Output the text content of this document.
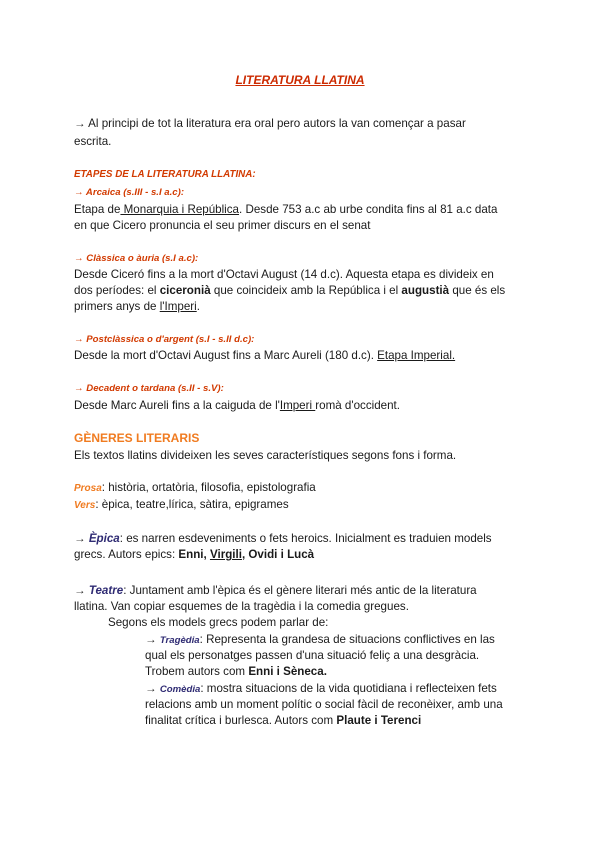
LITERATURA LLATINA
→ Al principi de tot la literatura era oral pero autors la van començar a pasar
escrita.
ETAPES DE LA LITERATURA LLATINA:
→ Arcaica (s.III - s.I a.c):
Etapa de Monarquia i República. Desde 753 a.c ab urbe condita fins al 81 a.c data
en que Cicero pronuncia el seu primer discurs en el senat
→ Clàssica o àuria (s.I a.c):
Desde Ciceró fins a la mort d'Octavi August (14 d.c). Aquesta etapa es divideix en
dos períodes: el ciceronià que coincideix amb la República i el augustià que és els
primers anys de l'Imperi.
→ Postclàssica o d'argent (s.I - s.II d.c):
Desde la mort d'Octavi August fins a Marc Aureli (180 d.c). Etapa Imperial.
→ Decadent o tardana (s.II - s.V):
Desde Marc Aureli fins a la caiguda de l'Imperi romà d'occident.
GÈNERES LITERARIS
Els textos llatins divideixen les seves característiques segons fons i forma.
Prosa: història, ortatòria, filosofia, epistolografia
Vers: èpica, teatre,lírica, sàtira, epigrames
→ Èpica: es narren esdeveniments o fets heroics. Inicialment es traduien models
grecs. Autors epics: Enni, Virgili, Ovidi i Lucà
→ Teatre: Juntament amb l'èpica és el gènere literari més antic de la literatura
llatina. Van copiar esquemes de la tragèdia i la comedia gregues.
Segons els models grecs podem parlar de:
→ Tragèdia: Representa la grandesa de situacions conflictives en las
qual els personatges passen d'una situació feliç a una desgràcia.
Trobem autors com Enni i Sèneca.
→ Comèdia: mostra situacions de la vida quotidiana i reflecteixen fets
relacions amb un moment polític o social fàcil de reconèixer, amb una
finalitat crítica i burlesca. Autors com Plaute i Terenci
